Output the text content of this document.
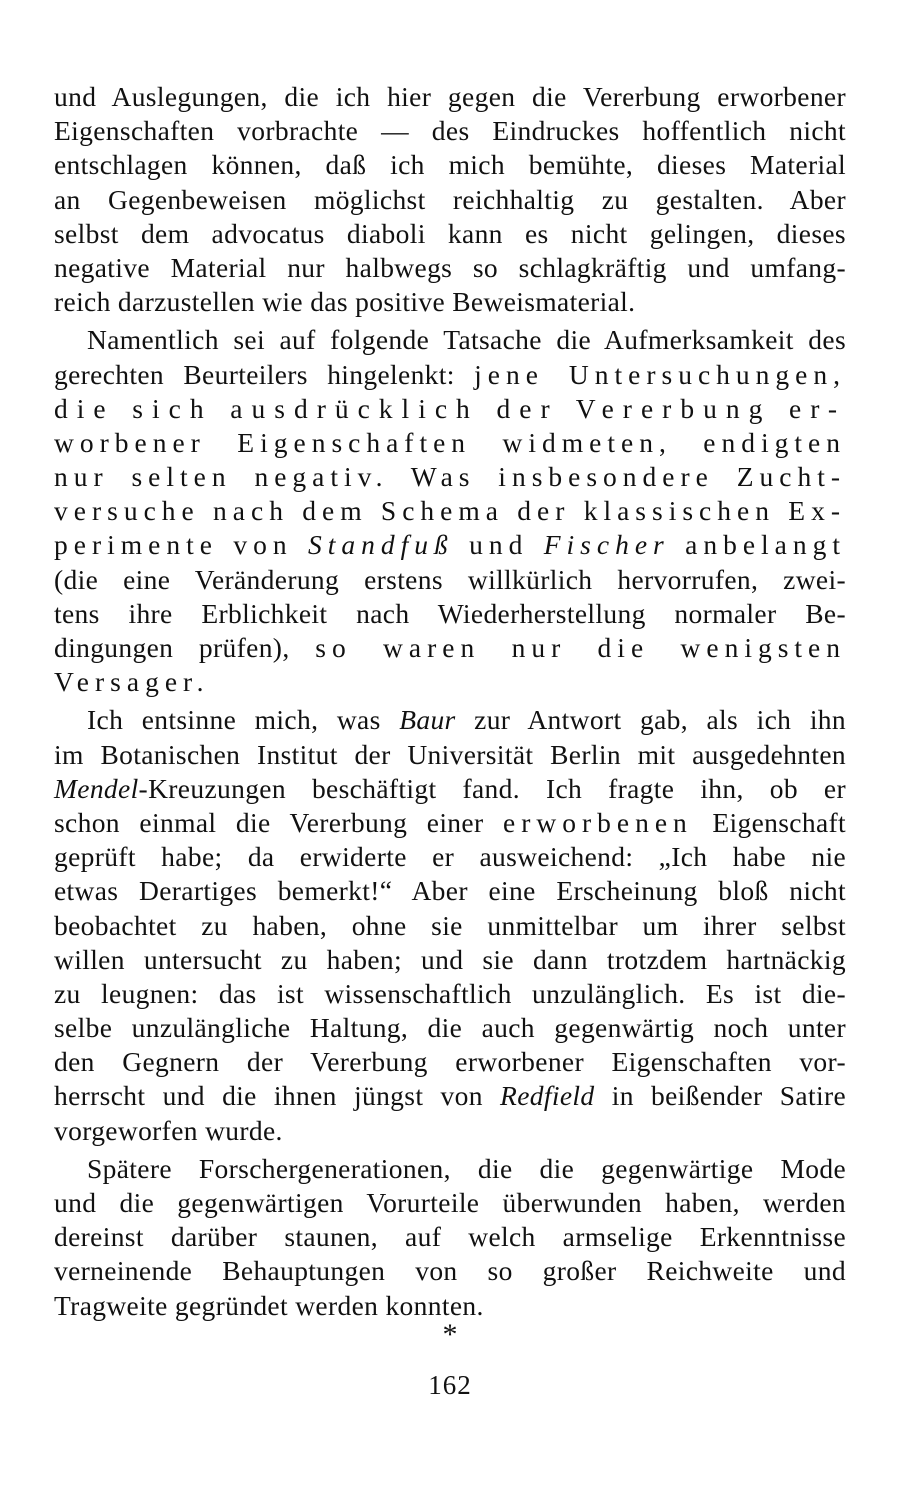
und Auslegungen, die ich hier gegen die Vererbung erworbener
Eigenschaften vorbrachte — des Eindruckes hoffentlich nicht
entschlagen können, daß ich mich bemühte, dieses Material
an Gegenbeweisen möglichst reichhaltig zu gestalten. Aber
selbst dem advocatus diaboli kann es nicht gelingen, dieses
negative Material nur halbwegs so schlagkräftig und umfang-
reich darzustellen wie das positive Beweismaterial.
Namentlich sei auf folgende Tatsache die Aufmerksamkeit des
gerechten Beurteilers hingelenkt: jene Untersuchungen,
die sich ausdrücklich der Vererbung er-
worbener Eigenschaften widmeten, endigten
nur selten negativ. Was insbesondere Zucht-
versuche nach dem Schema der klassischen Ex-
perimente von Standfuß und Fischer anbelangt
(die eine Veränderung erstens willkürlich hervorrufen, zwei-
tens ihre Erblichkeit nach Wiederherstellung normaler Be-
dingungen prüfen), so waren nur die wenigsten
Versager.
Ich entsinne mich, was Baur zur Antwort gab, als ich ihn
im Botanischen Institut der Universität Berlin mit ausgedehnten
Mendel-Kreuzungen beschäftigt fand. Ich fragte ihn, ob er
schon einmal die Vererbung einer erworbenen Eigenschaft
geprüft habe; da erwiderte er ausweichend: „Ich habe nie
etwas Derartiges bemerkt!“ Aber eine Erscheinung bloß nicht
beobachtet zu haben, ohne sie unmittelbar um ihrer selbst
willen untersucht zu haben; und sie dann trotzdem hartnäckig
zu leugnen: das ist wissenschaftlich unzulänglich. Es ist die-
selbe unzulängliche Haltung, die auch gegenwärtig noch unter
den Gegnern der Vererbung erworbener Eigenschaften vor-
herrscht und die ihnen jüngst von Redfield in beißender Satire
vorgeworfen wurde.
Spätere Forschergenerationen, die die gegenwärtige Mode
und die gegenwärtigen Vorurteile überwunden haben, werden
dereinst darüber staunen, auf welch armselige Erkenntnisse
verneinende Behauptungen von so großer Reichweite und
Tragweite gegründet werden konnten.
*
162
